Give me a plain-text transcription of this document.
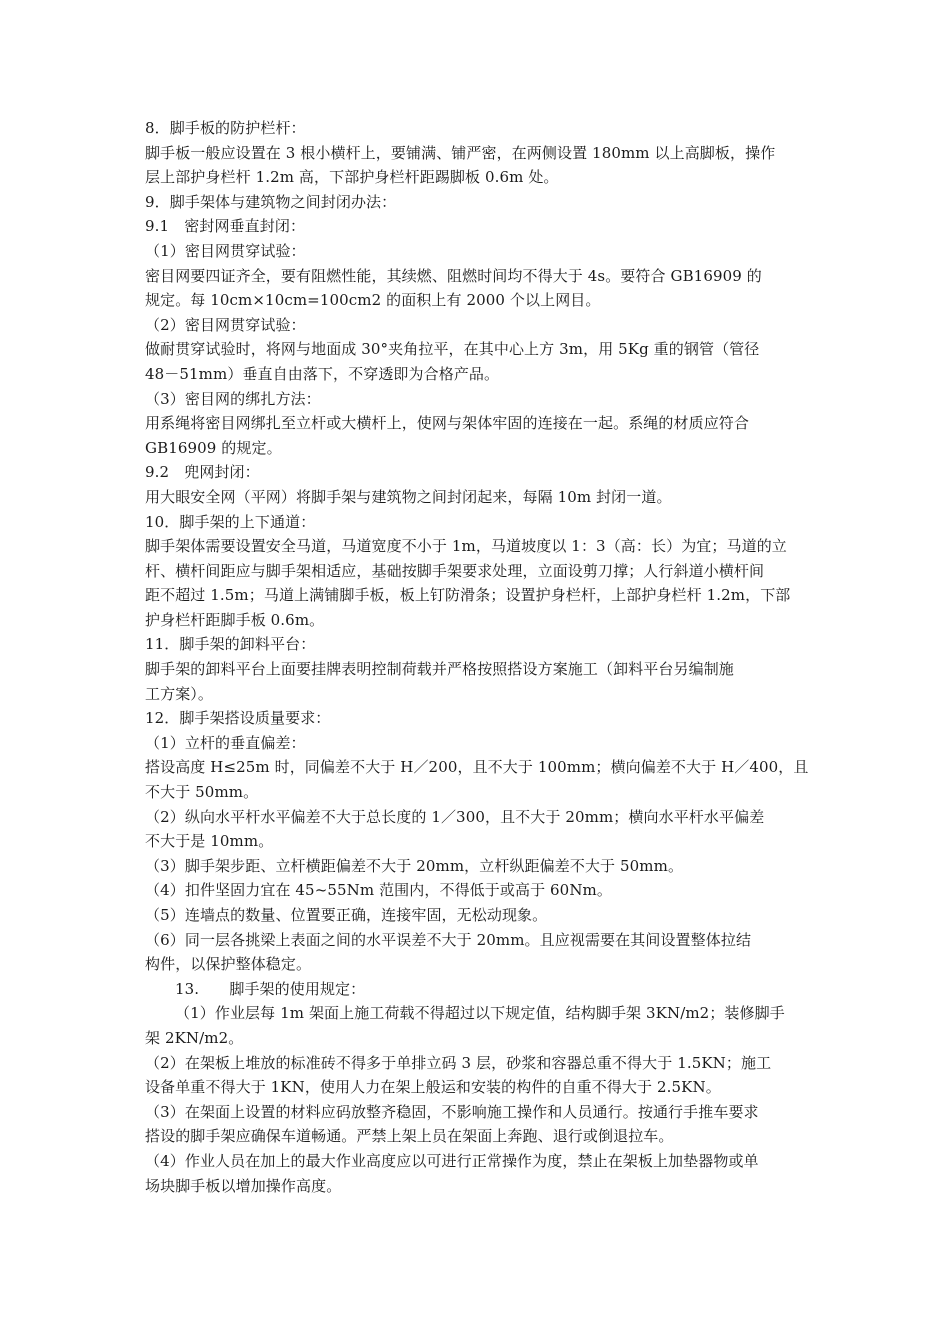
8．脚手板的防护栏杆：

脚手板一般应设置在 3 根小横杆上，要铺满、铺严密，在两侧设置 180mm 以上高脚板，操作

层上部护身栏杆 1.2m 高，下部护身栏杆距踢脚板 0.6m 处。

9．脚手架体与建筑物之间封闭办法：

9.1　密封网垂直封闭：

（1）密目网贯穿试验：

密目网要四证齐全，要有阻燃性能，其续燃、阻燃时间均不得大于 4s。要符合 GB16909 的

规定。每 10cm×10cm=100cm2 的面积上有 2000 个以上网目。

（2）密目网贯穿试验：

做耐贯穿试验时，将网与地面成 30°夹角拉平，在其中心上方 3m，用 5Kg 重的钢管（管径

48－51mm）垂直自由落下，不穿透即为合格产品。

（3）密目网的绑扎方法：

用系绳将密目网绑扎至立杆或大横杆上，使网与架体牢固的连接在一起。系绳的材质应符合

GB16909 的规定。

9.2　兜网封闭：

用大眼安全网（平网）将脚手架与建筑物之间封闭起来，每隔 10m 封闭一道。

10．脚手架的上下通道：

脚手架体需要设置安全马道，马道宽度不小于 1m，马道坡度以 1：3（高：长）为宜；马道的立

杆、横杆间距应与脚手架相适应，基础按脚手架要求处理，立面设剪刀撑；人行斜道小横杆间

距不超过 1.5m；马道上满铺脚手板，板上钉防滑条；设置护身栏杆，上部护身栏杆 1.2m，下部

护身栏杆距脚手板 0.6m。

11．脚手架的卸料平台：

脚手架的卸料平台上面要挂牌表明控制荷载并严格按照搭设方案施工（卸料平台另编制施

工方案）。

12．脚手架搭设质量要求：

（1）立杆的垂直偏差：

搭设高度 H≤25m 时，同偏差不大于 H／200，且不大于 100mm；横向偏差不大于 H／400，且

不大于 50mm。

（2）纵向水平杆水平偏差不大于总长度的 1／300，且不大于 20mm；横向水平杆水平偏差

不大于是 10mm。

（3）脚手架步距、立杆横距偏差不大于 20mm，立杆纵距偏差不大于 50mm。

（4）扣件坚固力宜在 45~55Nm 范围内，不得低于或高于 60Nm。

（5）连墙点的数量、位置要正确，连接牢固，无松动现象。

（6）同一层各挑梁上表面之间的水平误差不大于 20mm。且应视需要在其间设置整体拉结

构件，以保护整体稳定。

13.　　脚手架的使用规定：

（1）作业层每 1m 架面上施工荷载不得超过以下规定值，结构脚手架 3KN/m2；装修脚手

架 2KN/m2。

（2）在架板上堆放的标准砖不得多于单排立码 3 层，砂浆和容器总重不得大于 1.5KN；施工

设备单重不得大于 1KN，使用人力在架上般运和安装的构件的自重不得大于 2.5KN。

（3）在架面上设置的材料应码放整齐稳固，不影响施工操作和人员通行。按通行手推车要求

搭设的脚手架应确保车道畅通。严禁上架上员在架面上奔跑、退行或倒退拉车。

（4）作业人员在加上的最大作业高度应以可进行正常操作为度，禁止在架板上加垫器物或单

场块脚手板以增加操作高度。
